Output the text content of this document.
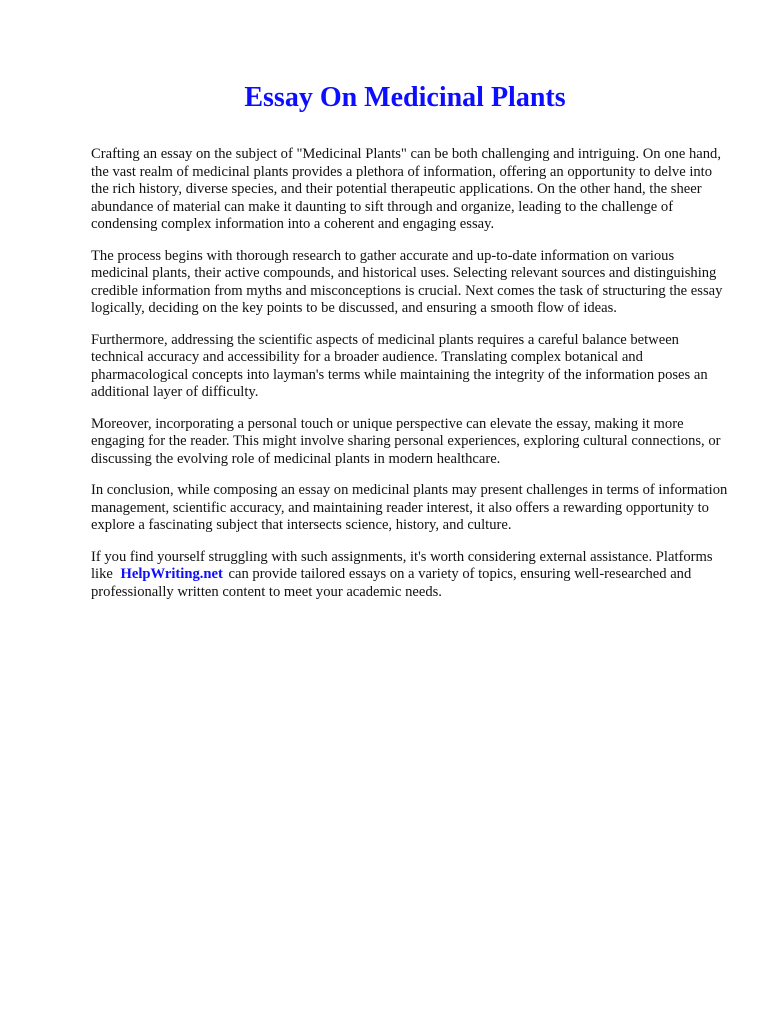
Essay On Medicinal Plants

Crafting an essay on the subject of "Medicinal Plants" can be both challenging and intriguing. On one hand, the vast realm of medicinal plants provides a plethora of information, offering an opportunity to delve into the rich history, diverse species, and their potential therapeutic applications. On the other hand, the sheer abundance of material can make it daunting to sift through and organize, leading to the challenge of condensing complex information into a coherent and engaging essay.

The process begins with thorough research to gather accurate and up-to-date information on various medicinal plants, their active compounds, and historical uses. Selecting relevant sources and distinguishing credible information from myths and misconceptions is crucial. Next comes the task of structuring the essay logically, deciding on the key points to be discussed, and ensuring a smooth flow of ideas.

Furthermore, addressing the scientific aspects of medicinal plants requires a careful balance between technical accuracy and accessibility for a broader audience. Translating complex botanical and pharmacological concepts into layman's terms while maintaining the integrity of the information poses an additional layer of difficulty.

Moreover, incorporating a personal touch or unique perspective can elevate the essay, making it more engaging for the reader. This might involve sharing personal experiences, exploring cultural connections, or discussing the evolving role of medicinal plants in modern healthcare.

In conclusion, while composing an essay on medicinal plants may present challenges in terms of information management, scientific accuracy, and maintaining reader interest, it also offers a rewarding opportunity to explore a fascinating subject that intersects science, history, and culture.

If you find yourself struggling with such assignments, it's worth considering external assistance. Platforms like HelpWriting.net can provide tailored essays on a variety of topics, ensuring well-researched and professionally written content to meet your academic needs.
